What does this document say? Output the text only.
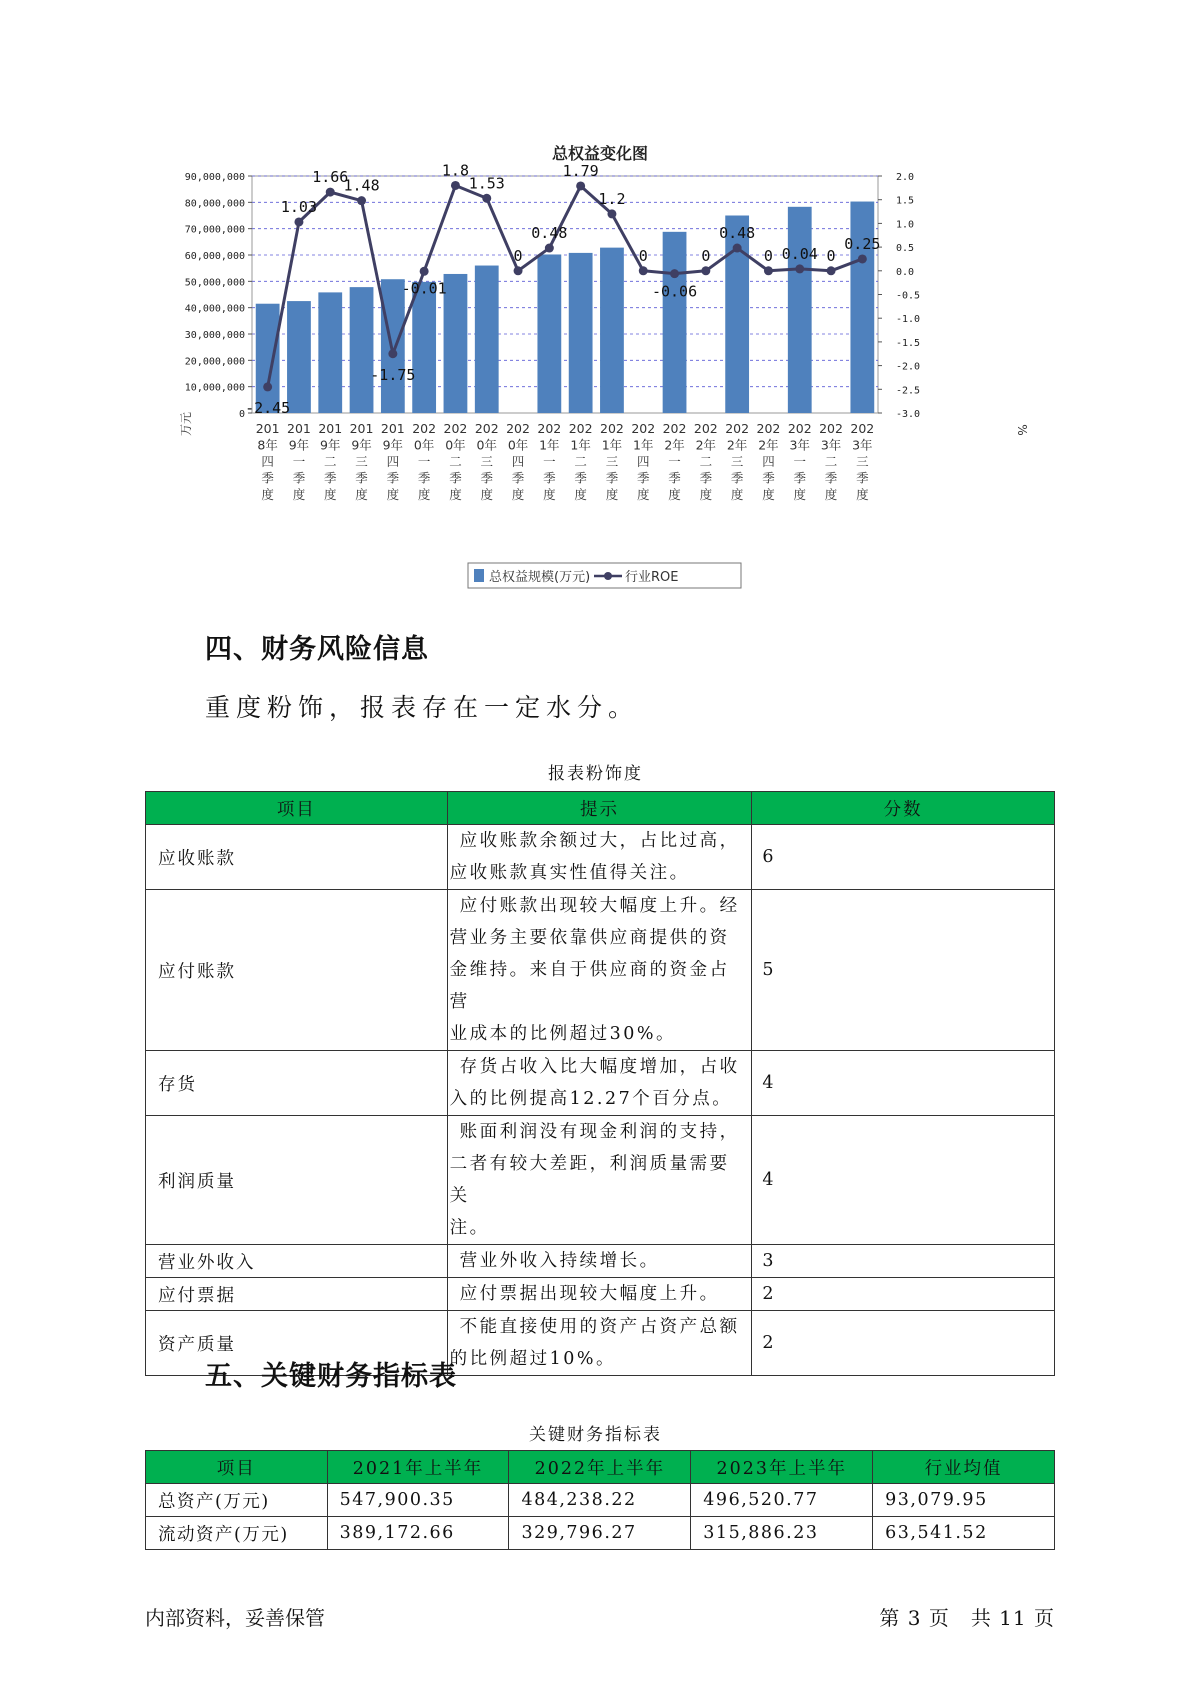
总权益变化图
万元	%
90,000,000
80,000,000
70,000,000
60,000,000
50,000,000
40,000,000
30,000,000
20,000,000
10,000,000
0
2.0
1.5
1.0
0.5
0.0
-0.5
-1.0
-1.5
-2.0
-2.5
-3.0
-2.45
1.03
1.66
1.48
-1.75
-0.01
1.8
1.53
0
0.48
1.79
1.2
0
-0.06
0
0.48
0 0.04 0
0.25
201 8年四季度
201 9年一季度
201 9年二季度
201 9年三季度
201 9年四季度
202 0年一季度
202 0年二季度
202 0年三季度
202 0年四季度
202 1年一季度
202 1年二季度
202 1年三季度
202 1年四季度
202 2年一季度
202 2年二季度
202 2年三季度
202 2年四季度
202 3年一季度
202 3年二季度
202 3年三季度
总权益规模(万元)	行业ROE
四、财务风险信息
重度粉饰，报表存在一定水分。
报表粉饰度
项目	提示	分数
应收账款	应收账款余额过大，占比过高，
应收账款真实性值得关注。	6
应付账款	应付账款出现较大幅度上升。经
营业务主要依靠供应商提供的资
金维持。来自于供应商的资金占营
业成本的比例超过30%。	5
存货	存货占收入比大幅度增加，占收
入的比例提高12.27个百分点。	4
利润质量	账面利润没有现金利润的支持，
二者有较大差距，利润质量需要关
注。	4
营业外收入	营业外收入持续增长。	3
应付票据	应付票据出现较大幅度上升。	2
资产质量	不能直接使用的资产占资产总额
的比例超过10%。	2
五、关键财务指标表
关键财务指标表
项目	2021年上半年	2022年上半年	2023年上半年	行业均值
总资产(万元)	547,900.35	484,238.22	496,520.77	93,079.95
流动资产(万元)	389,172.66	329,796.27	315,886.23	63,541.52
内部资料，妥善保管	第 3 页　共 11 页
